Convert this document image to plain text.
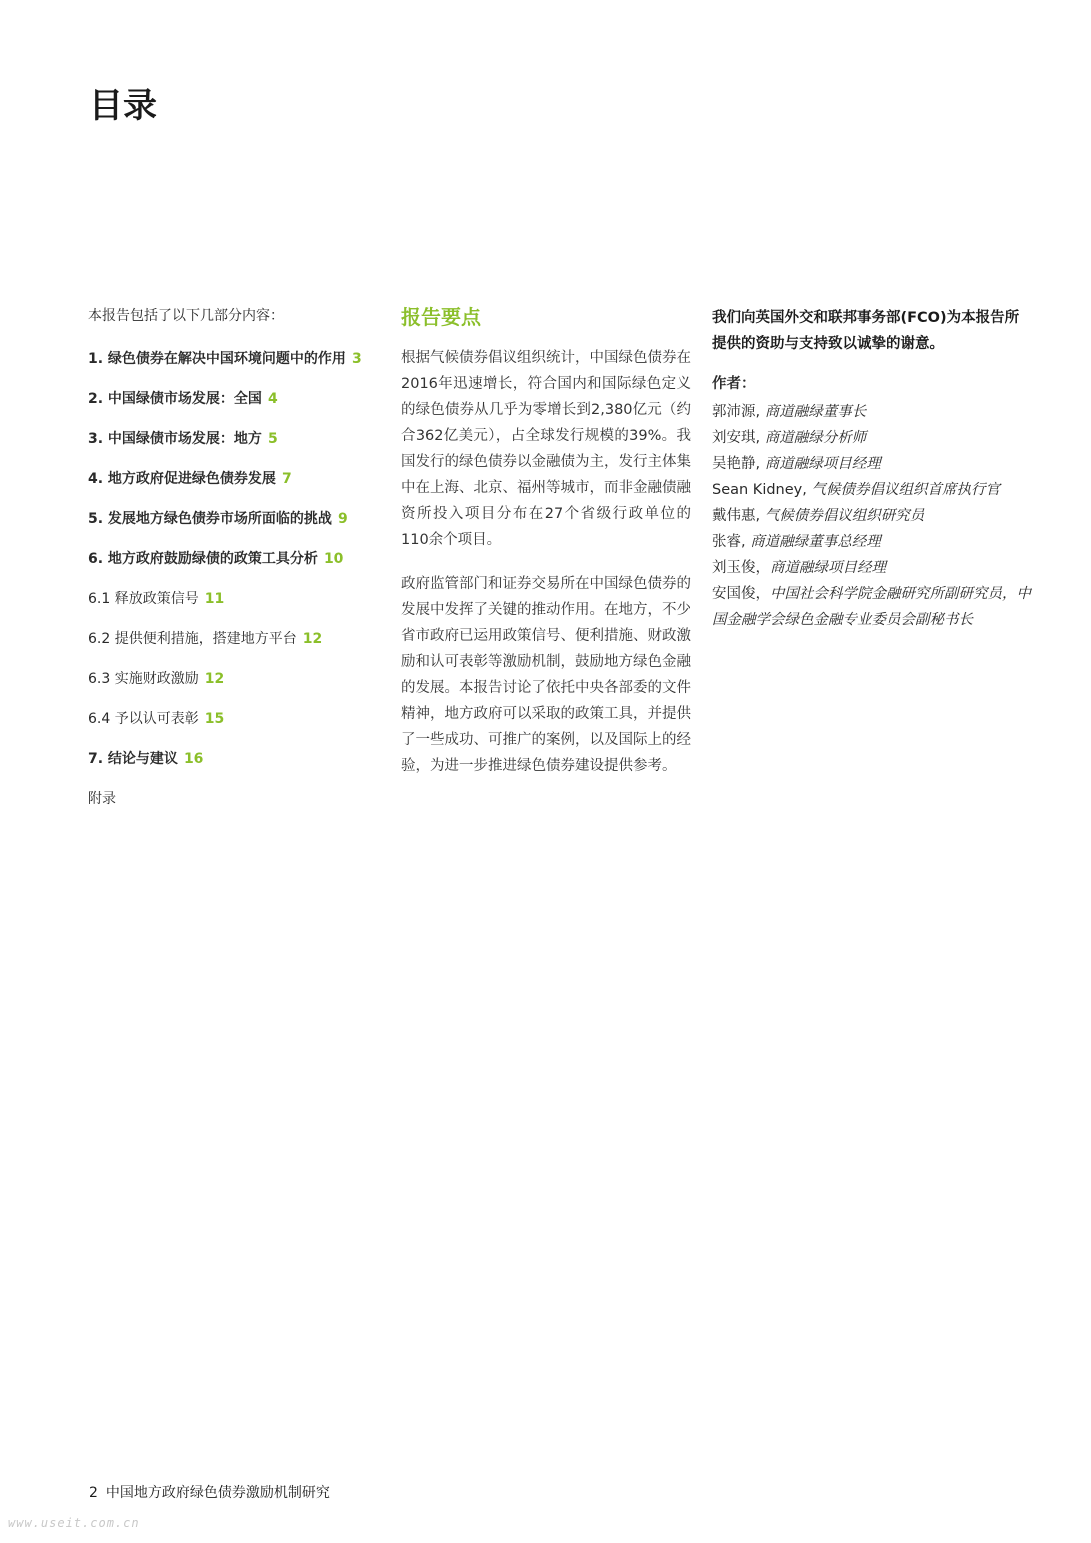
目录

本报告包括了以下几部分内容：

1. 绿色债券在解决中国环境问题中的作用 3
2. 中国绿债市场发展：全国 4
3. 中国绿债市场发展：地方 5
4. 地方政府促进绿色债券发展 7
5. 发展地方绿色债券市场所面临的挑战 9
6. 地方政府鼓励绿债的政策工具分析 10
6.1 释放政策信号 11
6.2 提供便利措施，搭建地方平台 12
6.3 实施财政激励 12
6.4 予以认可表彰 15
7. 结论与建议 16
附录
报告要点

根据气候债券倡议组织统计，中国绿色债券在2016年迅速增长，符合国内和国际绿色定义的绿色债券从几乎为零增长到2,380亿元（约合362亿美元），占全球发行规模的39%。我国发行的绿色债券以金融债为主，发行主体集中在上海、北京、福州等城市，而非金融债融资所投入项目分布在27个省级行政单位的110余个项目。

政府监管部门和证券交易所在中国绿色债券的发展中发挥了关键的推动作用。在地方，不少省市政府已运用政策信号、便利措施、财政激励和认可表彰等激励机制，鼓励地方绿色金融的发展。本报告讨论了依托中央各部委的文件精神，地方政府可以采取的政策工具，并提供了一些成功、可推广的案例，以及国际上的经验，为进一步推进绿色债券建设提供参考。

我们向英国外交和联邦事务部(FCO)为本报告所提供的资助与支持致以诚挚的谢意。

作者：

郭沛源, 商道融绿董事长

刘安琪, 商道融绿分析师

吴艳静, 商道融绿项目经理

Sean Kidney, 气候债券倡议组织首席执行官

戴伟惠, 气候债券倡议组织研究员

张睿, 商道融绿董事总经理

刘玉俊，商道融绿项目经理

安国俊，中国社会科学院金融研究所副研究员，中国金融学会绿色金融专业委员会副秘书长

2 中国地方政府绿色债券激励机制研究
www.useit.com.cn
